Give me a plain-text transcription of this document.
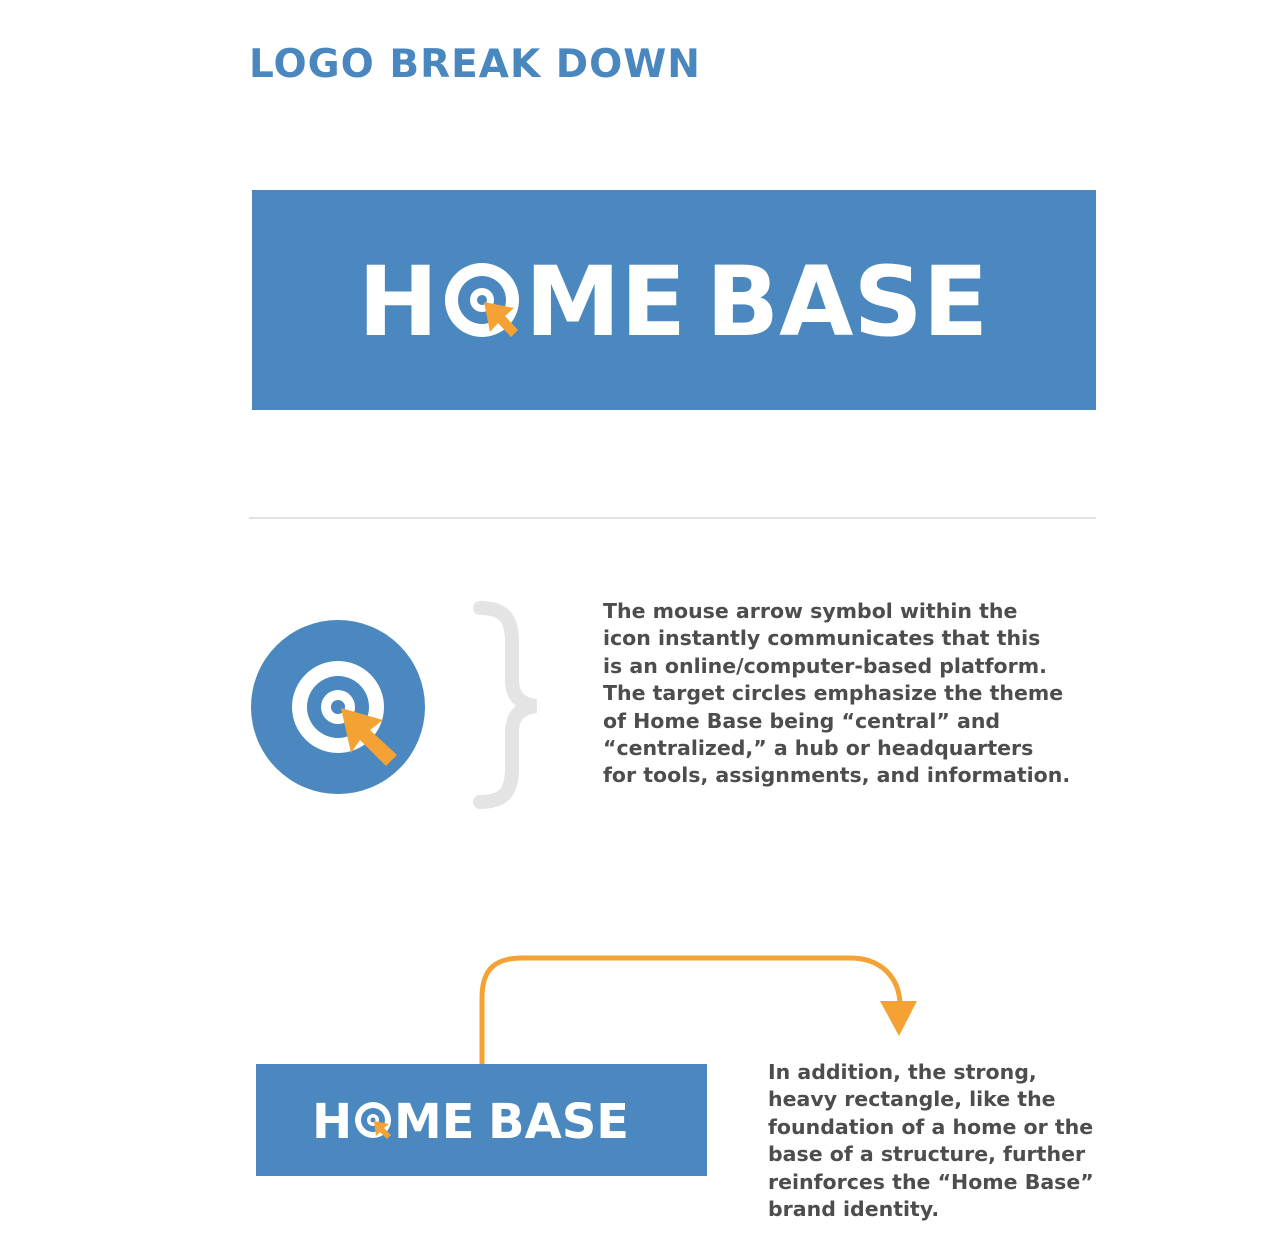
LOGO BREAK DOWN
H ME BASE

The mouse arrow symbol within the
icon instantly communicates that this
is an online/computer-based platform.
The target circles emphasize the theme
of Home Base being “central” and
“centralized,” a hub or headquarters
for tools, assignments, and information.

H ME BASE

In addition, the strong,
heavy rectangle, like the
foundation of a home or the
base of a structure, further
reinforces the “Home Base”
brand identity.
